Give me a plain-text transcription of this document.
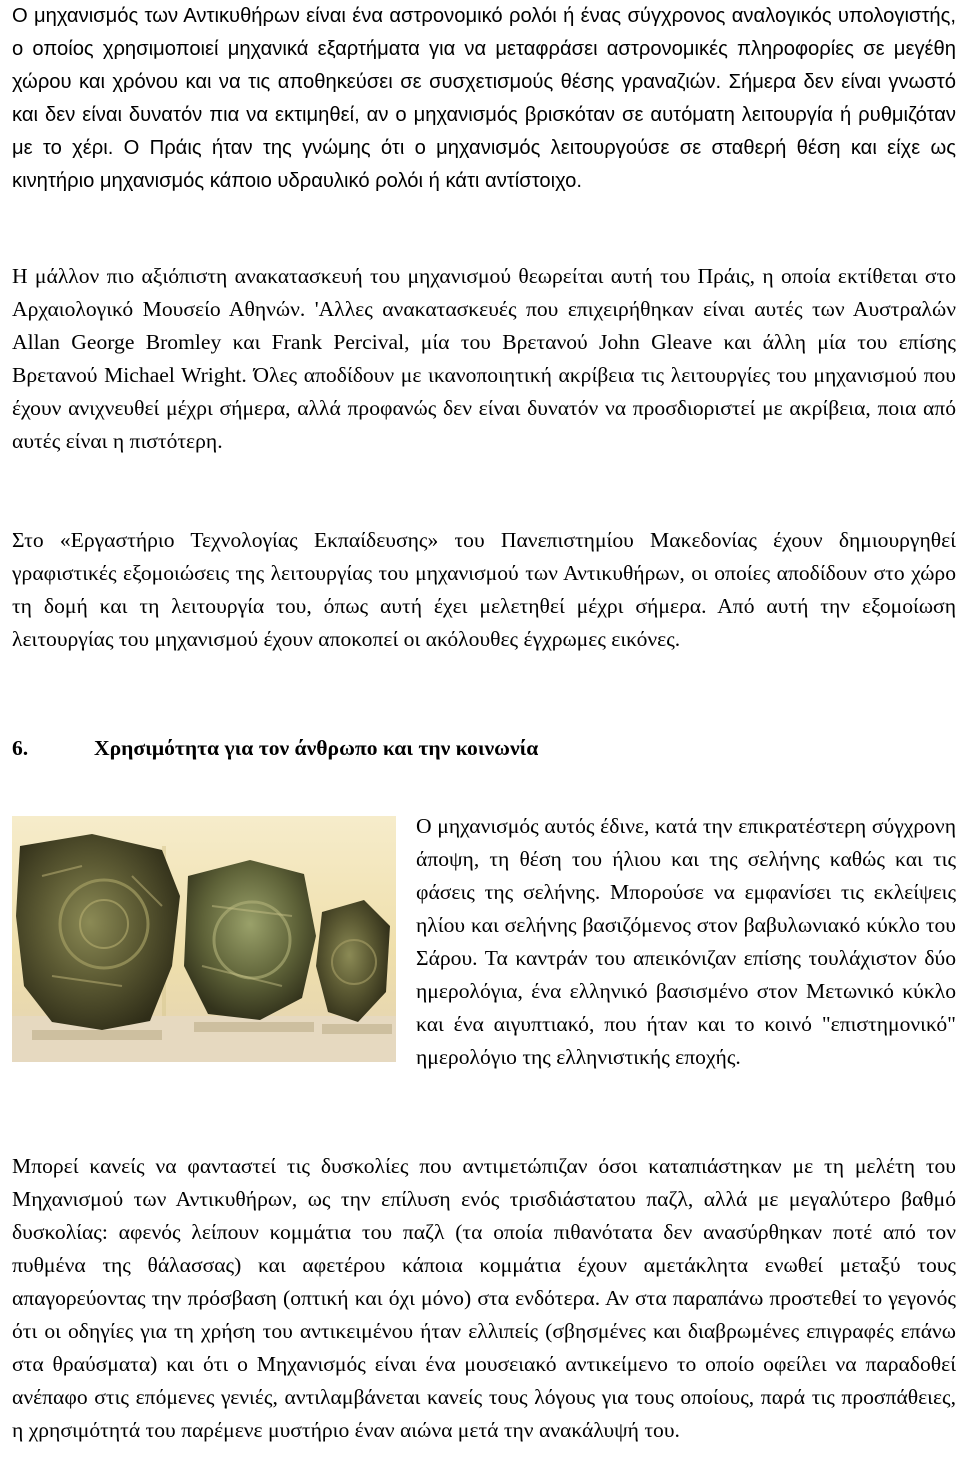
Ο μηχανισμός των Αντικυθήρων είναι ένα αστρονομικό ρολόι ή ένας σύγχρονος αναλογικός υπολογιστής, ο οποίος χρησιμοποιεί μηχανικά εξαρτήματα για να μεταφράσει αστρονομικές πληροφορίες σε μεγέθη χώρου και χρόνου και να τις αποθηκεύσει σε συσχετισμούς θέσης γραναζιών. Σήμερα δεν είναι γνωστό και δεν είναι δυνατόν πια να εκτιμηθεί, αν ο μηχανισμός βρισκόταν σε αυτόματη λειτουργία ή ρυθμιζόταν με το χέρι. Ο Πράις ήταν της γνώμης ότι ο μηχανισμός λειτουργούσε σε σταθερή θέση και είχε ως κινητήριο μηχανισμός κάποιο υδραυλικό ρολόι ή κάτι αντίστοιχο.

Η μάλλον πιο αξιόπιστη ανακατασκευή του μηχανισμού θεωρείται αυτή του Πράις, η οποία εκτίθεται στο Αρχαιολογικό Μουσείο Αθηνών. 'Αλλες ανακατασκευές που επιχειρήθηκαν είναι αυτές των Αυστραλών Allan George Bromley και Frank Percival, μία του Βρετανού John Gleave και άλλη μία του επίσης Βρετανού Michael Wright. Όλες αποδίδουν με ικανοποιητική ακρίβεια τις λειτουργίες του μηχανισμού που έχουν ανιχνευθεί μέχρι σήμερα, αλλά προφανώς δεν είναι δυνατόν να προσδιοριστεί με ακρίβεια, ποια από αυτές είναι η πιστότερη.

Στο «Εργαστήριο Τεχνολογίας Εκπαίδευσης» του Πανεπιστημίου Μακεδονίας έχουν δημιουργηθεί γραφιστικές εξομοιώσεις της λειτουργίας του μηχανισμού των Αντικυθήρων, οι οποίες αποδίδουν στο χώρο τη δομή και τη λειτουργία του, όπως αυτή έχει μελετηθεί μέχρι σήμερα. Από αυτή την εξομοίωση λειτουργίας του μηχανισμού έχουν αποκοπεί οι ακόλουθες έγχρωμες εικόνες.

6.	Χρησιμότητα για τον άνθρωπο και την κοινωνία

Ο μηχανισμός αυτός έδινε, κατά την επικρατέστερη σύγχρονη άποψη, τη θέση του ήλιου και της σελήνης καθώς και τις φάσεις της σελήνης. Μπορούσε να εμφανίσει τις εκλείψεις ηλίου και σελήνης βασιζόμενος στον βαβυλωνιακό κύκλο του Σάρου. Τα καντράν του απεικόνιζαν επίσης τουλάχιστον δύο ημερολόγια, ένα ελληνικό βασισμένο στον Μετωνικό κύκλο και ένα αιγυπτιακό, που ήταν και το κοινό "επιστημονικό" ημερολόγιο της ελληνιστικής εποχής.

Μπορεί κανείς να φανταστεί τις δυσκολίες που αντιμετώπιζαν όσοι καταπιάστηκαν με τη μελέτη του Μηχανισμού των Αντικυθήρων, ως την επίλυση ενός τρισδιάστατου παζλ, αλλά με μεγαλύτερο βαθμό δυσκολίας: αφενός λείπουν κομμάτια του παζλ (τα οποία πιθανότατα δεν ανασύρθηκαν ποτέ από τον πυθμένα της θάλασσας) και αφετέρου κάποια κομμάτια έχουν αμετάκλητα ενωθεί μεταξύ τους απαγορεύοντας την πρόσβαση (οπτική και όχι μόνο) στα ενδότερα. Αν στα παραπάνω προστεθεί το γεγονός ότι οι οδηγίες για τη χρήση του αντικειμένου ήταν ελλιπείς (σβησμένες και διαβρωμένες επιγραφές επάνω στα θραύσματα) και ότι ο Μηχανισμός είναι ένα μουσειακό αντικείμενο το οποίο οφείλει να παραδοθεί ανέπαφο στις επόμενες γενιές, αντιλαμβάνεται κανείς τους λόγους για τους οποίους, παρά τις προσπάθειες, η χρησιμότητά του παρέμενε μυστήριο έναν αιώνα μετά την ανακάλυψή του.
